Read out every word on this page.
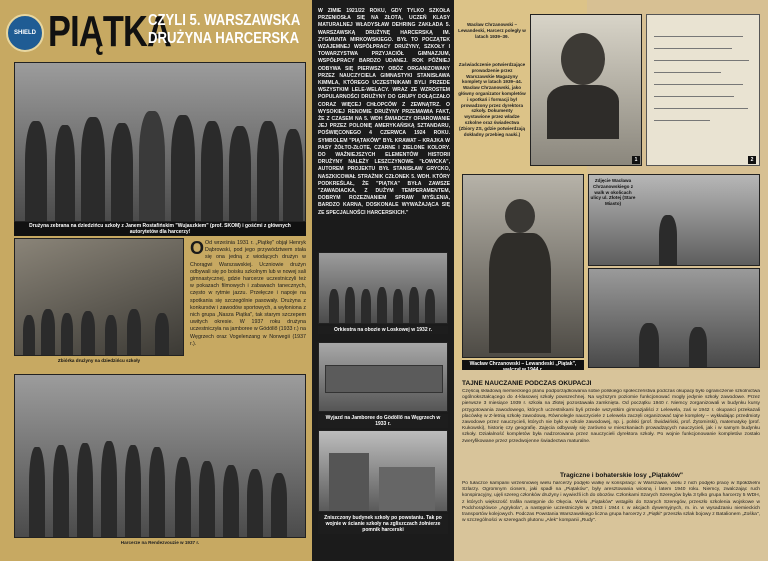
SHIELD PIĄTKA
CZYLI 5. WARSZAWSKA
DRUŻYNA HARCERSKA
Drużyna zebrana na dziedzińcu szkoły z Janem Rostafińskim "Wujaszkiem" (prof. SKOM) i gośćmi z głównych autorytetów dla harcerzy!
Zbiórka drużyny na dziedzińcu szkoły
O Od września 1931 r. „Piątkę" objął Henryk Dąbrowski, pod jego przywództwem stała się ona jedną z wiodących drużyn w Chorągwi Warszawskiej. Uczniowie drużyn odbywali się po boisku szkolnym lub w nowej sali gimnastycznej, gdzie harcerze uczestniczyli też w pokazach filmowych i zabawach tanecznych, często w rytmie jazzu. Przełęcze i napoje na spotkania się szczególnie pasowały. Drużyna z konkursów i zawodów sportowych, a wyłoniona z nich grupa „Nasza Piątka", tak starym szczepem uwitych okresie. W 1937 roku drużyna uczestniczyła na jamboree w Gödöllő (1933 r.) na Węgrzech oraz Vogelenzang w Norwegii (1937 r.).
Harcerze na Rendezvouzie w 1937 r.
W ZIMIE 1921/22 ROKU, GDY TYLKO SZKOŁA PRZENIOSŁA SIĘ NA ZŁOTĄ, UCZEŃ KLASY MATURALNEJ WŁADYSŁAW DEHRING ZAKŁADA 5. WARSZAWSKĄ DRUŻYNĘ HARCERSKĄ IM. ZYGMUNTA MIRKOWSKIEGO. BYŁ TO POCZĄTEK WZAJEMNEJ WSPÓŁPRACY DRUŻYNY, SZKOŁY I TOWARZYSTWA PRZYJACIÓŁ GIMNAZJUM, WSPÓŁPRACY BARDZO UDANEJ. ROK PÓŹNIEJ ODBYWA SIĘ PIERWSZY OBÓZ ORGANIZOWANY PRZEZ NAUCZYCIELA GIMNASTYKI STANISŁAWA KIMMLA, KTÓREGO UCZESTNIKAMI BYLI PRZEDE WSZYSTKIM LELE-WELACY. WRAZ ZE WZROSTEM POPULARNOŚCI DRUŻYNY DO GRUPY DOŁĄCZAŁO CORAZ WIĘCEJ CHŁOPCÓW Z ZEWNĄTRZ. O WYSOKIEJ RENOMIE DRUŻYNY PRZEMAWIA FAKT, ŻE Z CZASEM NA 5. WDH ŚWIADCZY OFIAROWANIE JEJ PRZEZ POLONIĘ AMERYKAŃSKĄ SZTANDARU, POŚWIĘCONEGO 4 CZERWCA 1924 ROKU. SYMBOLEM "PIĄTAKÓW" BYŁ KRAWAT – KRAJKA W PASY ŻÓŁTO-ZŁOTE, CZARNE I ZIELONE KOLORY. DO WAŻNIEJSZYCH ELEMENTÓW HISTORII DRUŻYNY NALEŻY LESZCZYNOWE "ŁOWICKA", AUTOREM PROJEKTU BYŁ STANISŁAW GRYCKO, NASZKICOWAŁ STRAŻNIK CZŁONEK 5. WDH. KTÓRY PODKREŚLAŁ, ŻE "PIĄTKA" BYŁA ZAWSZE "ZAWADIACKA, Z DUŻYM TEMPERAMENTEM, DOBRYM ROZEZNANIEM SPRAW MYŚLENIA, BARDZO KARNA, DOSKONALE WYWAŻAJĄCA SIĘ ZE SPECJALNOŚCI HARCERSKICH."
Orkiestra na obozie w Loskowej w 1932 r.
Wyjazd na Jamboree do Gödöllő na Węgrzech w 1933 r.
Zniszczony budynek szkoły po powstaniu. Tak po wojnie w ścianie szkoły na zgliszczach żołnierze pomnik harcerski
Wacław Chrzanowski – Lewandeski, Harcerz poległy w latach 1939–39.
Zaświadczenie potwierdzające prowadzenie przez Warszawskie Magazyny komplety w latach 1939–44. Wacław Chrzanowski, jako główny organizator kompletów i spotkań i formacji był prowadzony przez dyrektora szkoły. Dokumenty wystawione przez władze szkolne oraz świadectwa (Zbiory ZS, gdzie potwierdzają dokładny przebieg nauki.)
1	2
Wacław Chrzanowski – Lewandeski „Piątak",
Zdjęcie Wacława Chrzanowskiego z walk w okolicach ulicy ul. Złotej (Stare Miasto)
TAJNE NAUCZANIE PODCZAS OKUPACJI
Częścią składową niemieckiego planu podporządkowania sobie polskiego społeczeństwa podczas okupacji było ograniczenie szkolnictwa ogólnokształcącego do 4-klasowej szkoły powszechnej. Na wyższym poziomie funkcjonować mogły jedynie szkoły zawodowe. Przez pierwsze 3 miesiące 1939 r. szkoła na Złotej pozostawała zamknięta. Od początku 1940 r. Niemcy zorganizowali w budynku kursy przygotowania zawodowego, których uczestnikami byli przede wszystkim gimnazjaliści z Lelewela, zaś w 1942 r. okupanci przekazali placówkę w Z-letnią szkołę zawodową. Równolegle nauczyciele z Lelewela zaczęli organizować tajne komplety – wykładając przedmioty zawodowe przez nauczycieli, których nie było w szkole zawodowej, np. j. polski (prof. Świdwiński, prof. Żytomirski), matematykę (prof. Kukowski), historię czy geografię. Zajęcia odbywały się zarówno w mieszkaniach prowadzących nauczycieli, jak i w samym budynku szkoły. Działalność kompletów była nadzorowana przez nauczycieli dyrektora szkoły. Po wojnie funkcjonowanie kompletów zostało zweryfikowane przez przedwojenne świadectwa maturalne.
Tragiczne i bohaterskie losy „Piątaków"
Po tułaczce kampanii wrześniowej wielu harcerzy podjęło walkę w konspiracji: w Warszawie, wielu z nich podjęło pracę w Spółdzielni Szlarzy. Ogromnym ciosem, jaki spadł na „Piątaków", były aresztowania wiosną i latem 1940 roku. Niemcy, zwalczając ruch konspiracyjny, ujęli szereg członków drużyny i wywieźli ich do obozów. Członkami Szarych Szeregów była 3 tylko grupa harcerzy 5 WDH, z których większość trafiła następnie do Okęcia. Wielu „Piątaków" wstąpiło do Szarych Szeregów, przeszło szkolenia wojskowe w Podchorążówce „Agrykola", a następnie uczestniczyło w 1943 i 1944 r. w akcjach dywersyjnych, m. in. w wysadzaniu niemieckich transportów kolejowych. Podczas Powstania Warszawskiego liczna grupa harcerzy z „Piątki" przeszła szlak bojowy z Batalionem „Zośka", w szczególności w szeregach plutonu „Alek" kompanii „Rudy".
